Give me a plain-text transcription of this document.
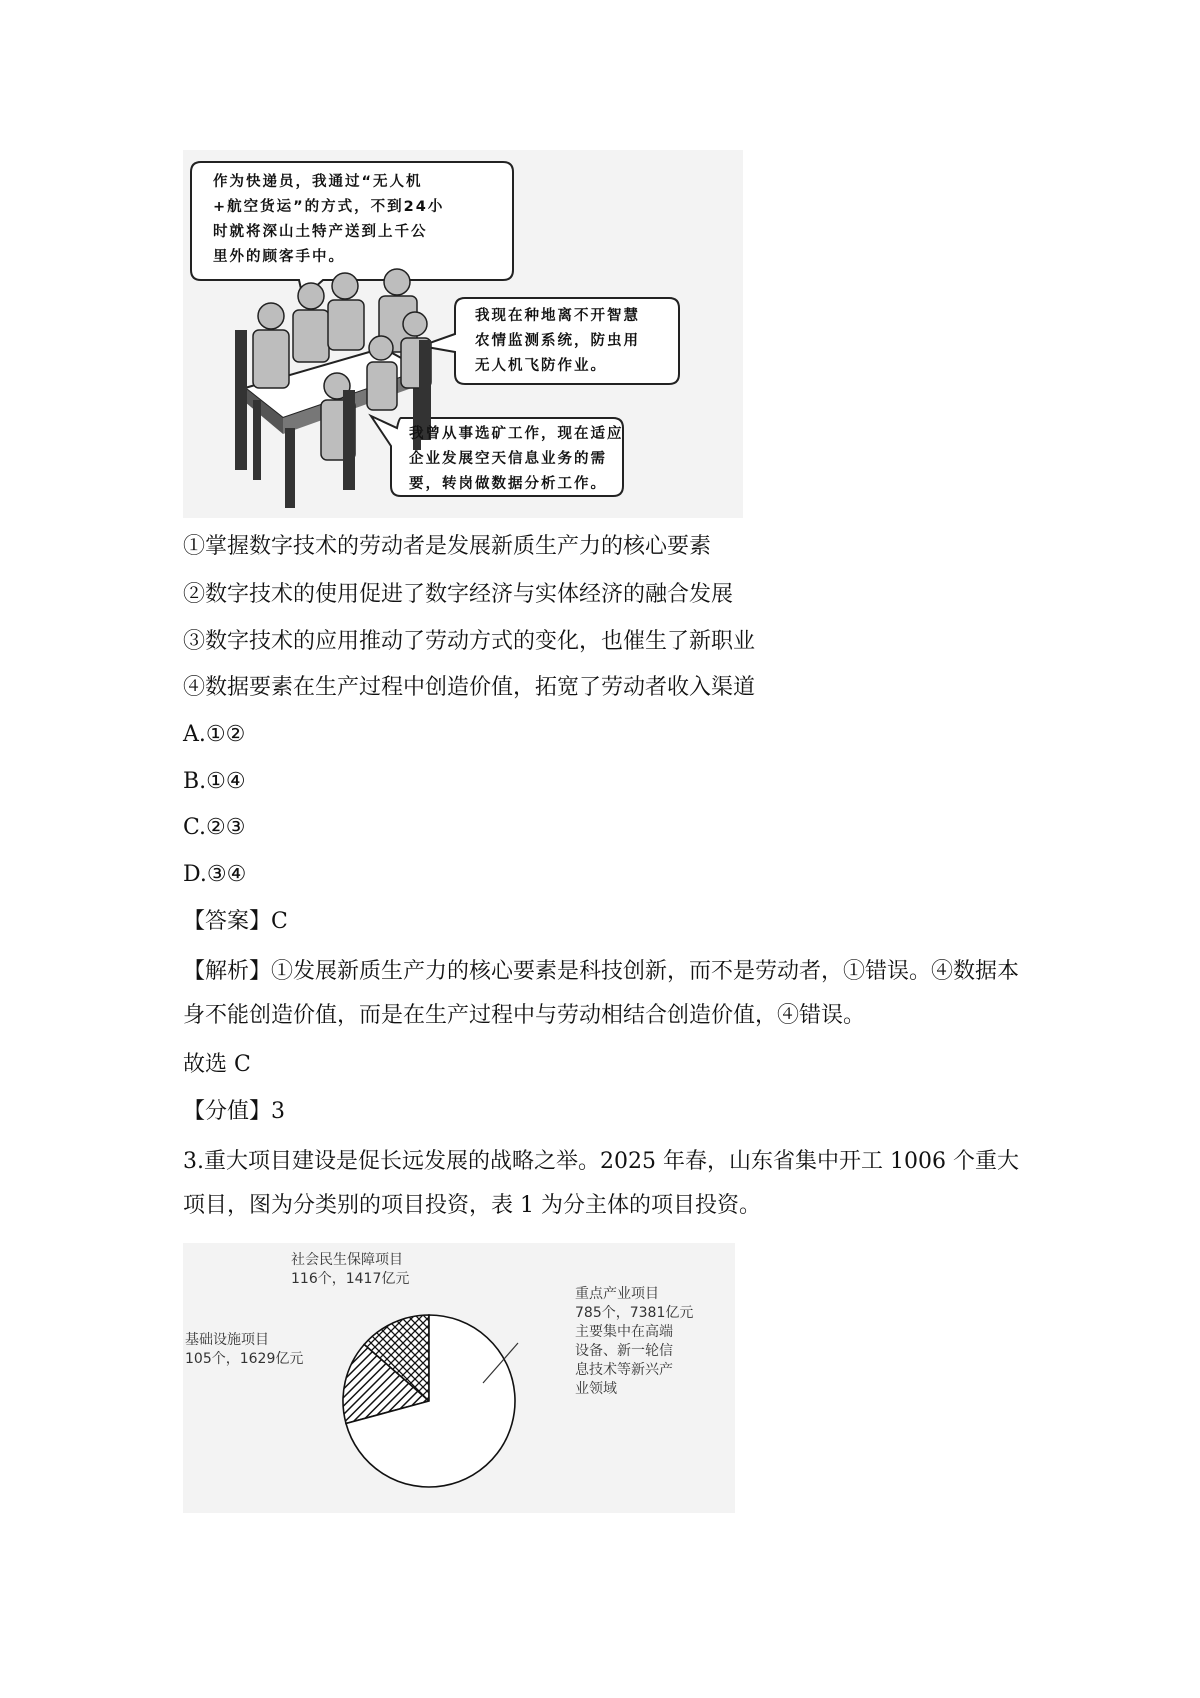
作为快递员，我通过“无人机
+航空货运”的方式，不到24小
时就将深山土特产送到上千公
里外的顾客手中。
我现在种地离不开智慧
农情监测系统，防虫用
无人机飞防作业。
我曾从事选矿工作，现在适应
企业发展空天信息业务的需
要，转岗做数据分析工作。
①掌握数字技术的劳动者是发展新质生产力的核心要素
②数字技术的使用促进了数字经济与实体经济的融合发展
③数字技术的应用推动了劳动方式的变化，也催生了新职业
④数据要素在生产过程中创造价值，拓宽了劳动者收入渠道
A.①②
B.①④
C.②③
D.③④
【答案】C
【解析】①发展新质生产力的核心要素是科技创新，而不是劳动者，①错误。④数据本身不能创造价值，而是在生产过程中与劳动相结合创造价值，④错误。
故选 C
【分值】3
3.重大项目建设是促长远发展的战略之举。2025 年春，山东省集中开工 1006 个重大项目，图为分类别的项目投资，表 1 为分主体的项目投资。
社会民生保障项目
116个，1417亿元
基础设施项目
105个，1629亿元
重点产业项目
785个，7381亿元
主要集中在高端
设备、新一轮信
息技术等新兴产
业领域
